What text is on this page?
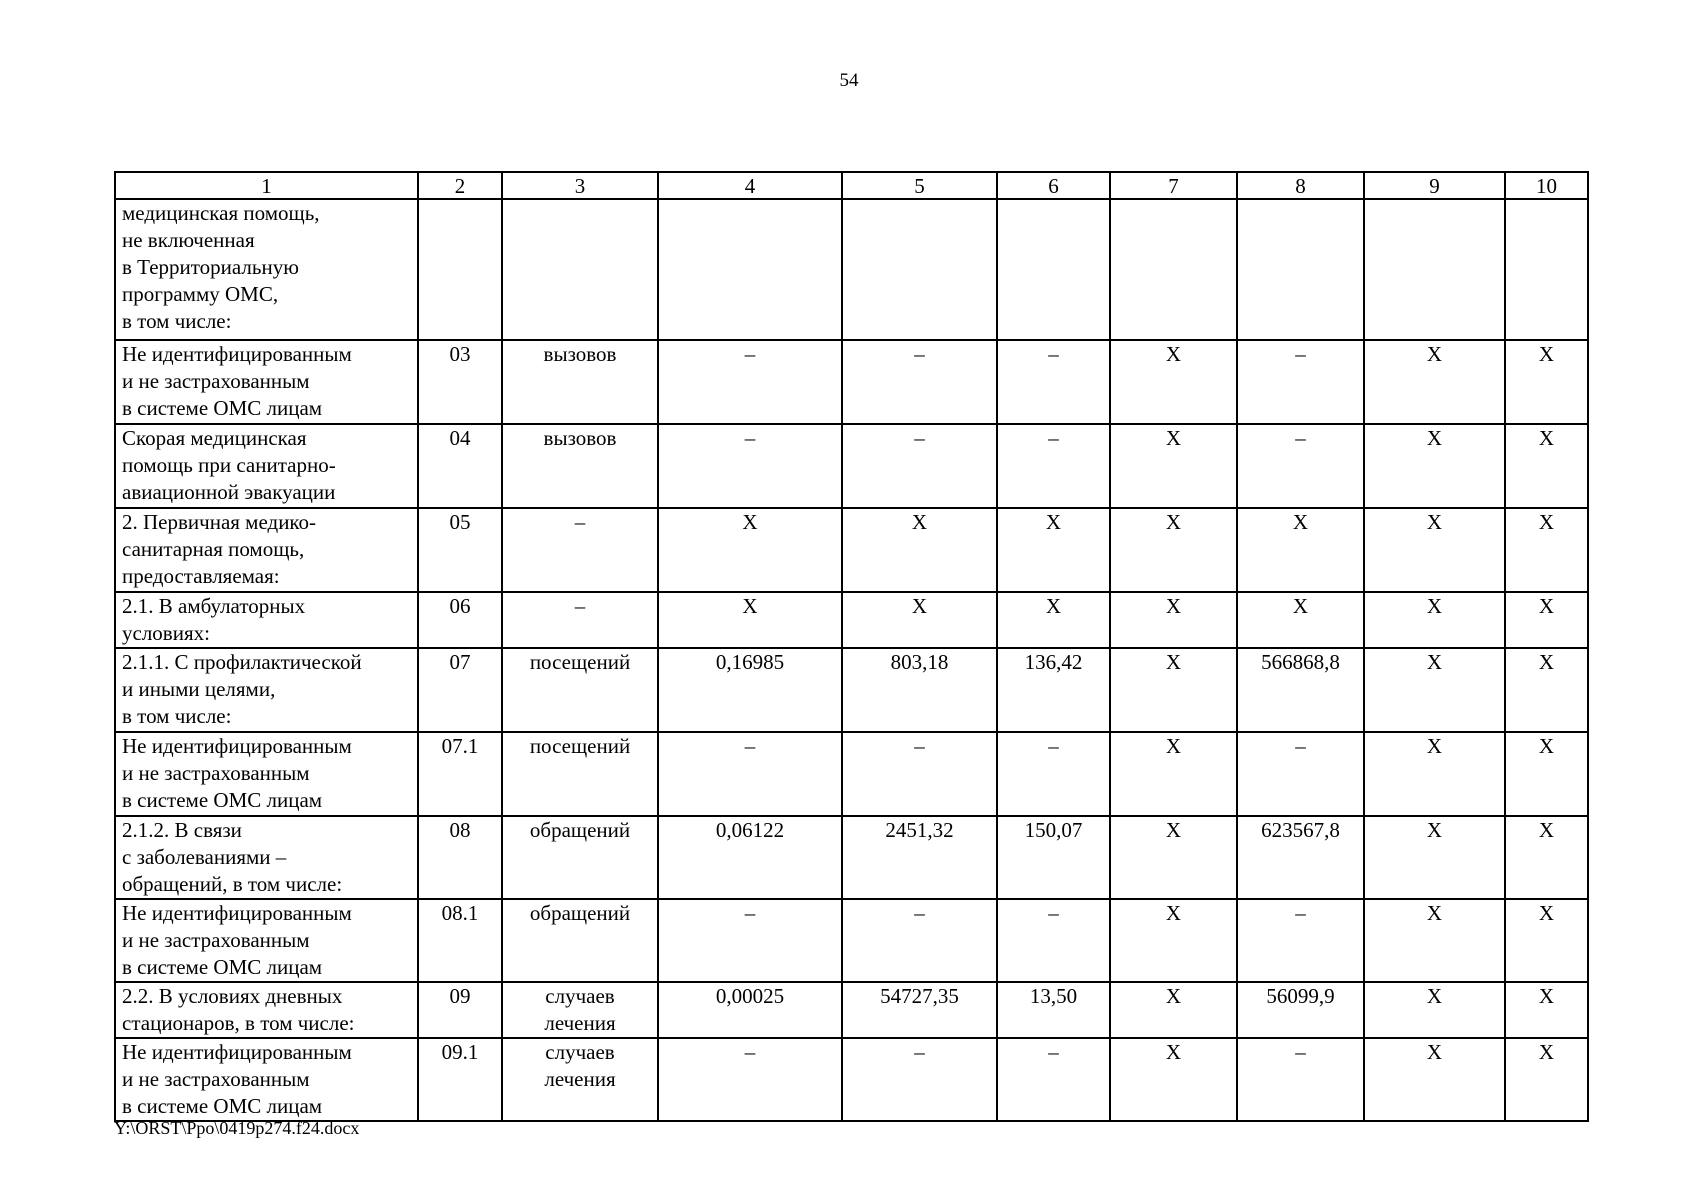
54
1	2	3	4	5	6	7	8	9	10
медицинская помощь,
не включенная
в Территориальную
программу ОМС,
в том числе:									
Не идентифицированным
и не застрахованным
в системе ОМС лицам	03	вызовов	–	–	–	Х	–	Х	Х
Скорая медицинская
помощь при санитарно-
авиационной эвакуации	04	вызовов	–	–	–	Х	–	Х	Х
2. Первичная медико-
санитарная помощь,
предоставляемая:	05	–	Х	Х	Х	Х	Х	Х	Х
2.1. В амбулаторных
условиях:	06	–	Х	Х	Х	Х	Х	Х	Х
2.1.1. С профилактической
и иными целями,
в том числе:	07	посещений	0,16985	803,18	136,42	Х	566868,8	Х	Х
Не идентифицированным
и не застрахованным
в системе ОМС лицам	07.1	посещений	–	–	–	Х	–	Х	Х
2.1.2. В связи
с заболеваниями –
обращений, в том числе:	08	обращений	0,06122	2451,32	150,07	Х	623567,8	Х	Х
Не идентифицированным
и не застрахованным
в системе ОМС лицам	08.1	обращений	–	–	–	Х	–	Х	Х
2.2. В условиях дневных
стационаров, в том числе:	09	случаев
лечения	0,00025	54727,35	13,50	Х	56099,9	Х	Х
Не идентифицированным
и не застрахованным
в системе ОМС лицам	09.1	случаев
лечения	–	–	–	Х	–	Х	Х
Y:\ORST\Ppo\0419p274.f24.docx
